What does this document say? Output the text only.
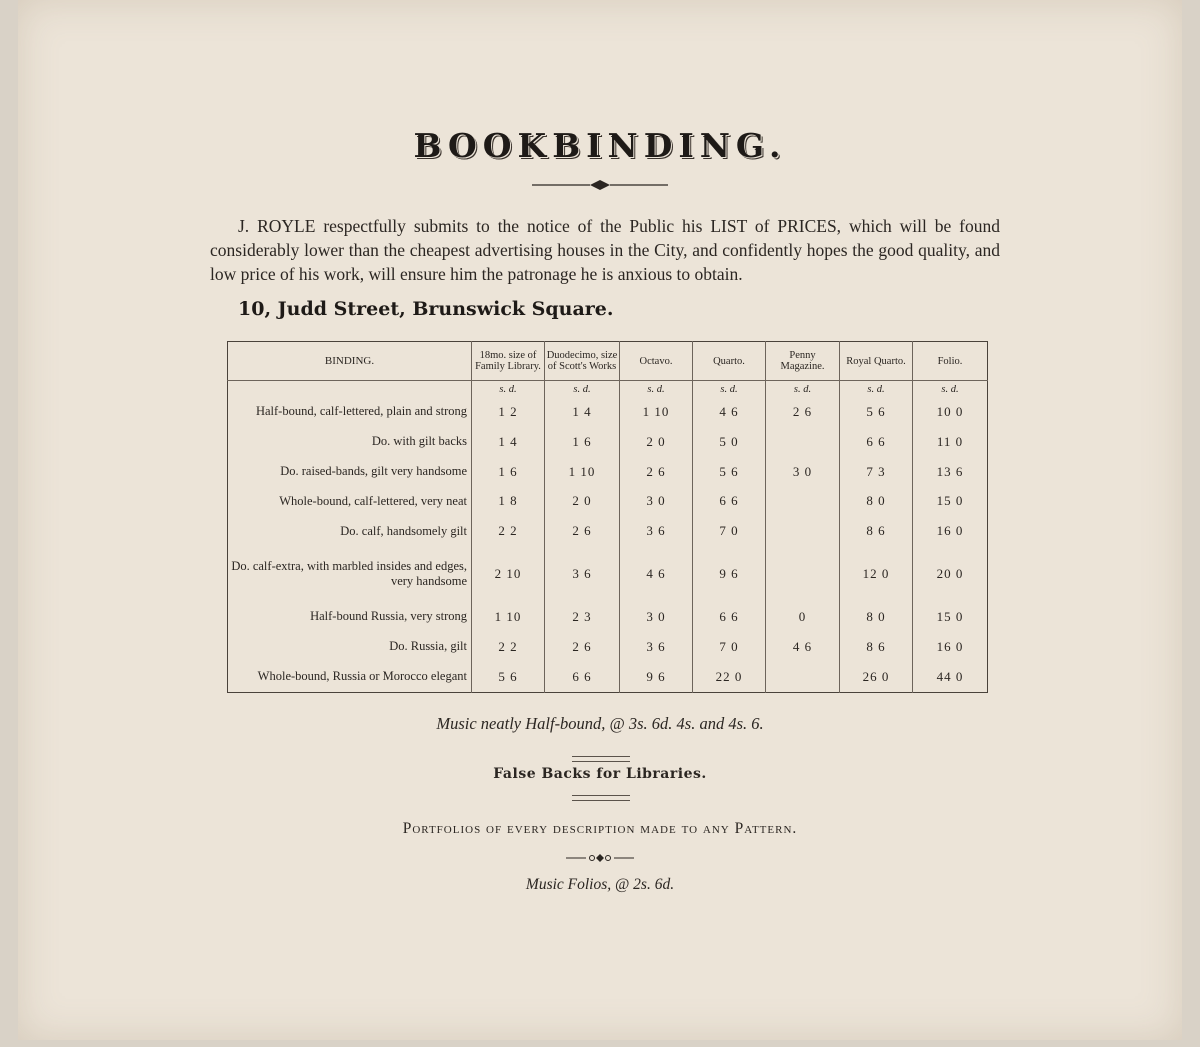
BOOKBINDING.
J. ROYLE respectfully submits to the notice of the Public his LIST of PRICES, which will be found considerably lower than the cheapest advertising houses in the City, and confidently hopes the good quality, and low price of his work, will ensure him the patronage he is anxious to obtain.
10, Judd Street, Brunswick Square.
BINDING.	18mo. size of Family Library.	Duodecimo, size of Scott's Works	Octavo.	Quarto.	Penny Magazine.	Royal Quarto.	Folio.
	s. d.	s. d.	s. d.	s. d.	s. d.	s. d.	s. d.
Half-bound, calf-lettered, plain and strong	1 2	1 4	1 10	4 6	2 6	5 6	10 0
Do. with gilt backs	1 4	1 6	2 0	5 0		6 6	11 0
Do. raised-bands, gilt very handsome	1 6	1 10	2 6	5 6	3 0	7 3	13 6
Whole-bound, calf-lettered, very neat	1 8	2 0	3 0	6 6		8 0	15 0
Do. calf, handsomely gilt	2 2	2 6	3 6	7 0		8 6	16 0
Do. calf-extra, with marbled insides and edges, very handsome	2 10	3 6	4 6	9 6		12 0	20 0
Half-bound Russia, very strong	1 10	2 3	3 0	6 6	0	8 0	15 0
Do. Russia, gilt	2 2	2 6	3 6	7 0	4 6	8 6	16 0
Whole-bound, Russia or Morocco elegant	5 6	6 6	9 6	22 0		26 0	44 0
Music neatly Half-bound, @ 3s. 6d. 4s. and 4s. 6.
False Backs for Libraries.
Portfolios of every description made to any Pattern.
Music Folios, @ 2s. 6d.
